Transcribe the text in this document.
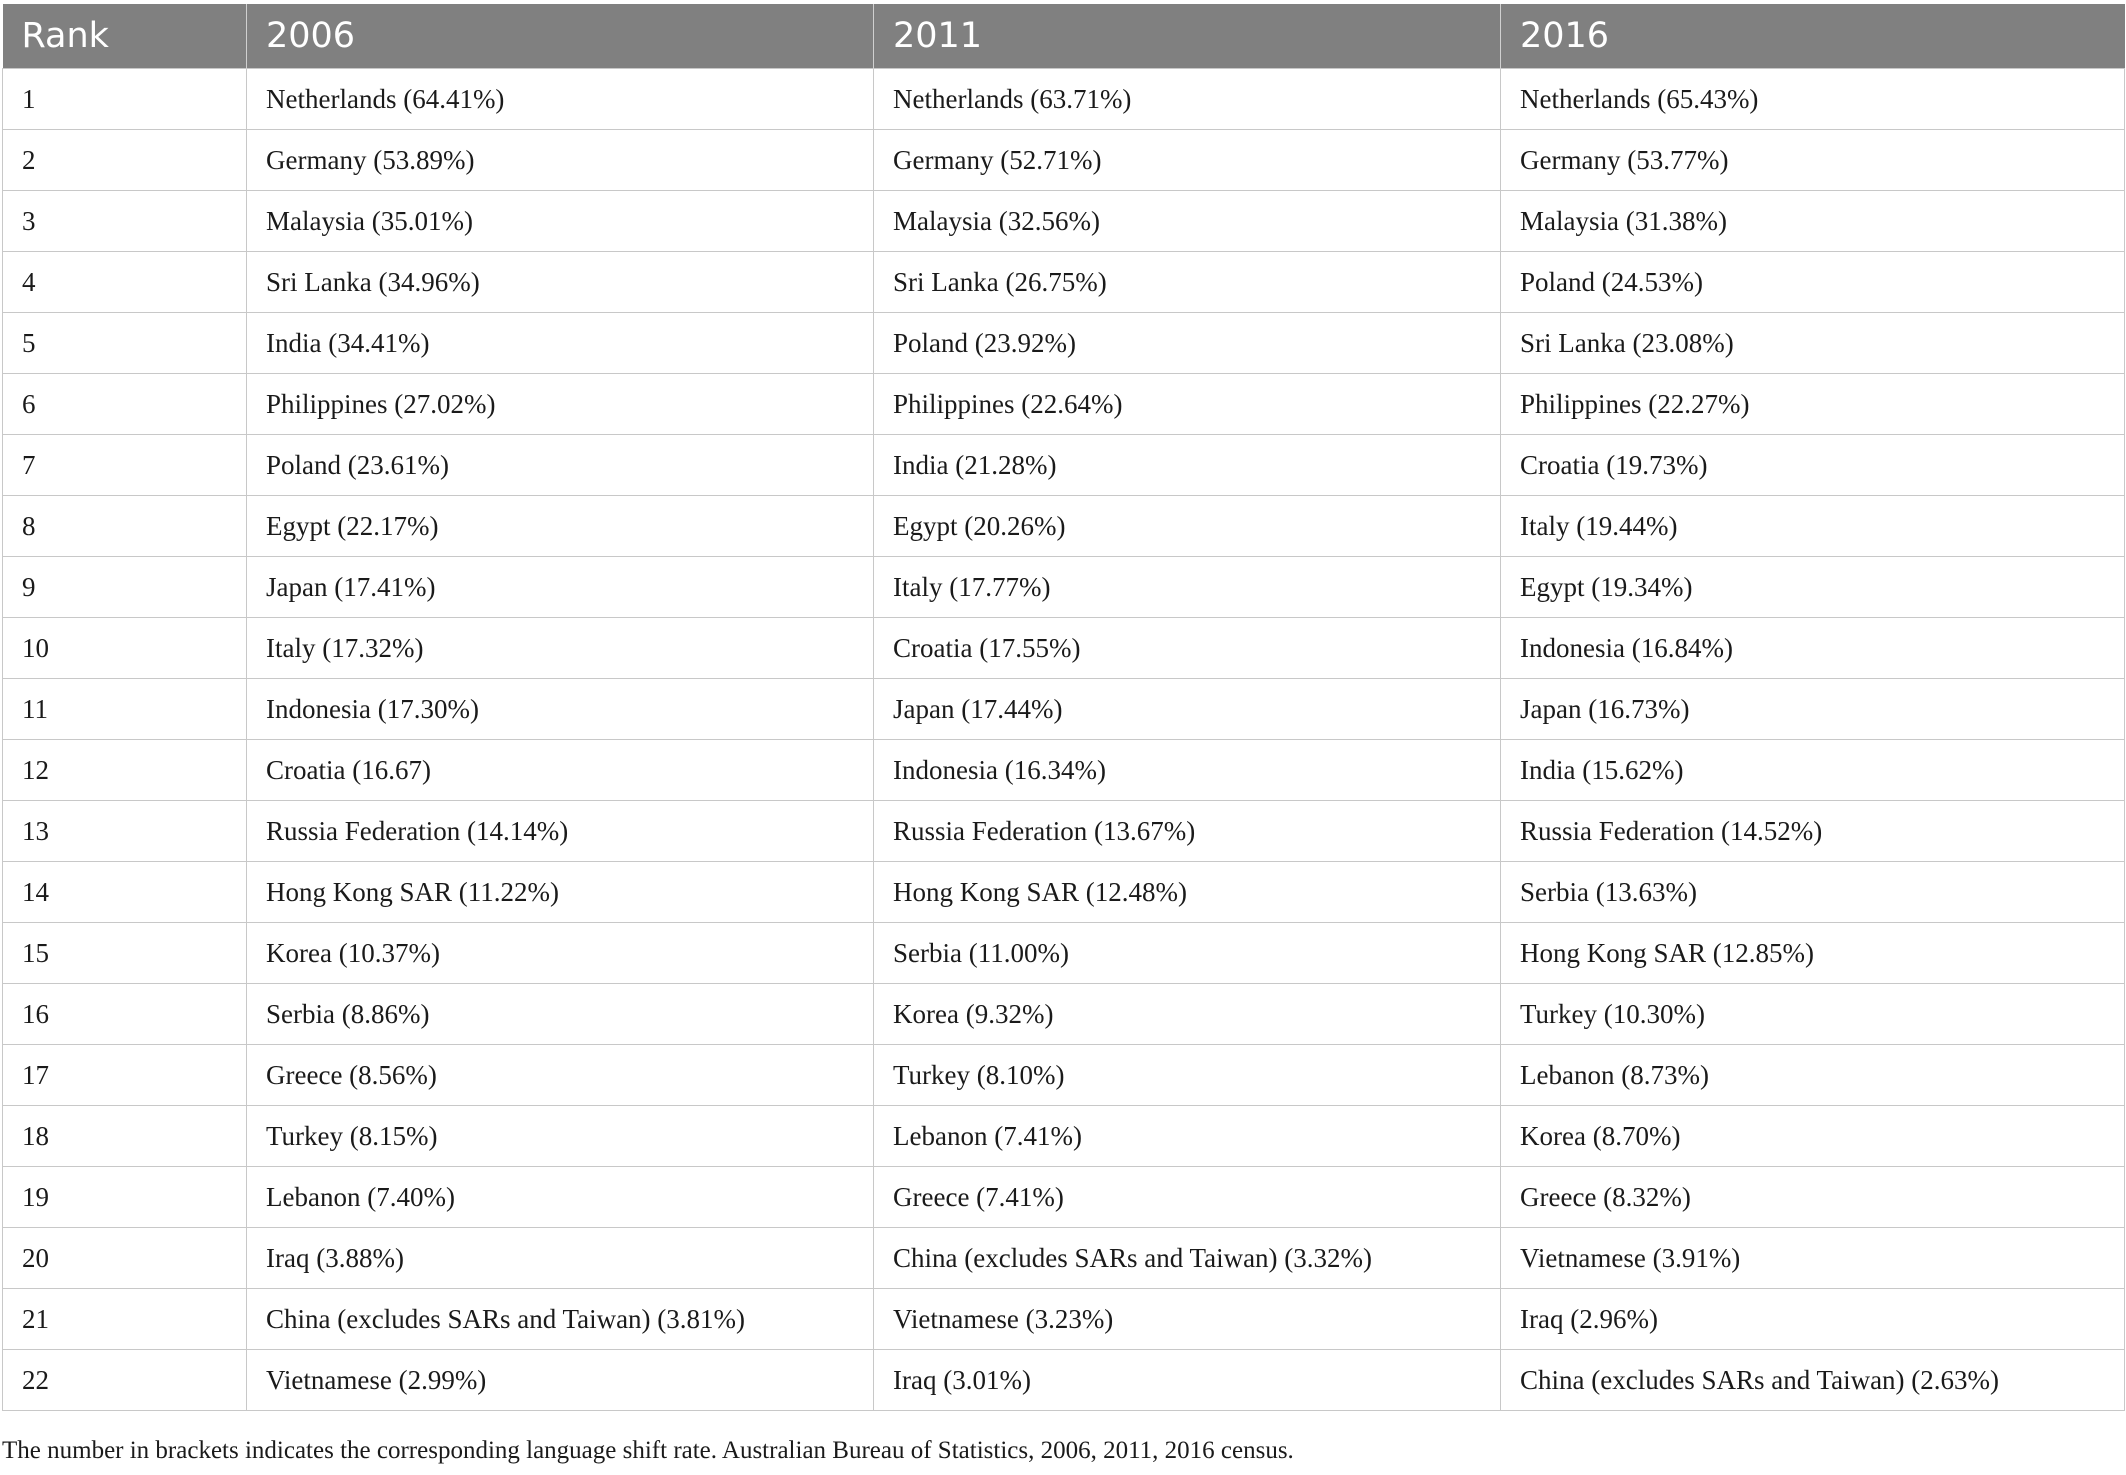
Rank	2006	2011	2016
1	Netherlands (64.41%)	Netherlands (63.71%)	Netherlands (65.43%)
2	Germany (53.89%)	Germany (52.71%)	Germany (53.77%)
3	Malaysia (35.01%)	Malaysia (32.56%)	Malaysia (31.38%)
4	Sri Lanka (34.96%)	Sri Lanka (26.75%)	Poland (24.53%)
5	India (34.41%)	Poland (23.92%)	Sri Lanka (23.08%)
6	Philippines (27.02%)	Philippines (22.64%)	Philippines (22.27%)
7	Poland (23.61%)	India (21.28%)	Croatia (19.73%)
8	Egypt (22.17%)	Egypt (20.26%)	Italy (19.44%)
9	Japan (17.41%)	Italy (17.77%)	Egypt (19.34%)
10	Italy (17.32%)	Croatia (17.55%)	Indonesia (16.84%)
11	Indonesia (17.30%)	Japan (17.44%)	Japan (16.73%)
12	Croatia (16.67)	Indonesia (16.34%)	India (15.62%)
13	Russia Federation (14.14%)	Russia Federation (13.67%)	Russia Federation (14.52%)
14	Hong Kong SAR (11.22%)	Hong Kong SAR (12.48%)	Serbia (13.63%)
15	Korea (10.37%)	Serbia (11.00%)	Hong Kong SAR (12.85%)
16	Serbia (8.86%)	Korea (9.32%)	Turkey (10.30%)
17	Greece (8.56%)	Turkey (8.10%)	Lebanon (8.73%)
18	Turkey (8.15%)	Lebanon (7.41%)	Korea (8.70%)
19	Lebanon (7.40%)	Greece (7.41%)	Greece (8.32%)
20	Iraq (3.88%)	China (excludes SARs and Taiwan) (3.32%)	Vietnamese (3.91%)
21	China (excludes SARs and Taiwan) (3.81%)	Vietnamese (3.23%)	Iraq (2.96%)
22	Vietnamese (2.99%)	Iraq (3.01%)	China (excludes SARs and Taiwan) (2.63%)
The number in brackets indicates the corresponding language shift rate. Australian Bureau of Statistics, 2006, 2011, 2016 census.
